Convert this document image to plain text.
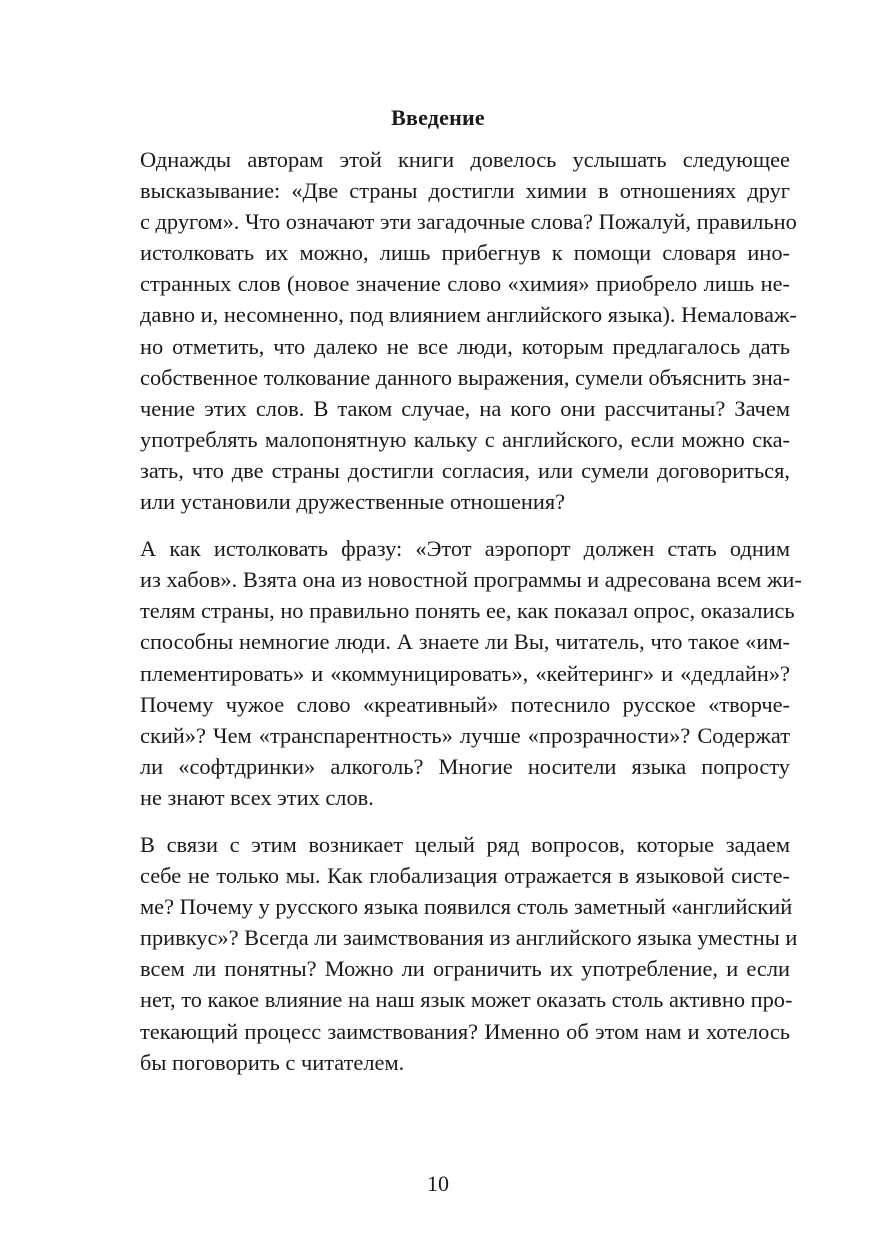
Введение

Однажды авторам этой книги довелось услышать следующее
высказывание: «Две страны достигли химии в отношениях друг
с другом». Что означают эти загадочные слова? Пожалуй, правильно
истолковать их можно, лишь прибегнув к помощи словаря ино-
странных слов (новое значение слово «химия» приобрело лишь не-
давно и, несомненно, под влиянием английского языка). Немаловаж-
но отметить, что далеко не все люди, которым предлагалось дать
собственное толкование данного выражения, сумели объяснить зна-
чение этих слов. В таком случае, на кого они рассчитаны? Зачем
употреблять малопонятную кальку с английского, если можно ска-
зать, что две страны достигли согласия, или сумели договориться,
или установили дружественные отношения?

А как истолковать фразу: «Этот аэропорт должен стать одним
из хабов». Взята она из новостной программы и адресована всем жи-
телям страны, но правильно понять ее, как показал опрос, оказались
способны немногие люди. А знаете ли Вы, читатель, что такое «им-
плементировать» и «коммуницировать», «кейтеринг» и «дедлайн»?
Почему чужое слово «креативный» потеснило русское «творче-
ский»? Чем «транспарентность» лучше «прозрачности»? Содержат
ли «софтдринки» алкоголь? Многие носители языка попросту
не знают всех этих слов.

В связи с этим возникает целый ряд вопросов, которые задаем
себе не только мы. Как глобализация отражается в языковой систе-
ме? Почему у русского языка появился столь заметный «английский
привкус»? Всегда ли заимствования из английского языка уместны и
всем ли понятны? Можно ли ограничить их употребление, и если
нет, то какое влияние на наш язык может оказать столь активно про-
текающий процесс заимствования? Именно об этом нам и хотелось
бы поговорить с читателем.

10
